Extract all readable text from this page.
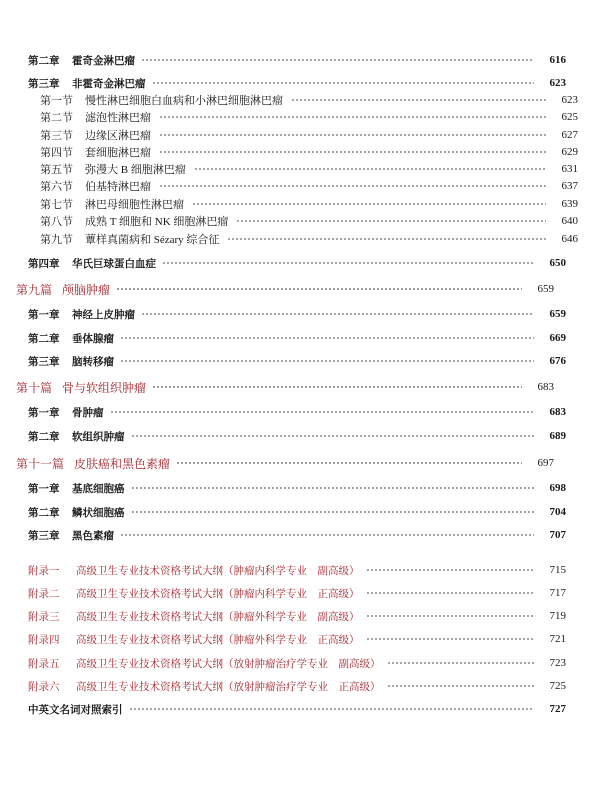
第二章	霍奇金淋巴瘤	616
第三章	非霍奇金淋巴瘤	623
第一节	慢性淋巴细胞白血病和小淋巴细胞淋巴瘤	623
第二节	滤泡性淋巴瘤	625
第三节	边缘区淋巴瘤	627
第四节	套细胞淋巴瘤	629
第五节	弥漫大 B 细胞淋巴瘤	631
第六节	伯基特淋巴瘤	637
第七节	淋巴母细胞性淋巴瘤	639
第八节	成熟 T 细胞和 NK 细胞淋巴瘤	640
第九节	蕈样真菌病和 Sézary 综合征	646
第四章	华氏巨球蛋白血症	650
第九篇 颅脑肿瘤	659
第一章	神经上皮肿瘤	659
第二章	垂体腺瘤	669
第三章	脑转移瘤	676
第十篇 骨与软组织肿瘤	683
第一章	骨肿瘤	683
第二章	软组织肿瘤	689
第十一篇 皮肤癌和黑色素瘤	697
第一章	基底细胞癌	698
第二章	鳞状细胞癌	704
第三章	黑色素瘤	707
附录一	高级卫生专业技术资格考试大纲（肿瘤内科学专业　副高级）	715
附录二	高级卫生专业技术资格考试大纲（肿瘤内科学专业　正高级）	717
附录三	高级卫生专业技术资格考试大纲（肿瘤外科学专业　副高级）	719
附录四	高级卫生专业技术资格考试大纲（肿瘤外科学专业　正高级）	721
附录五	高级卫生专业技术资格考试大纲（放射肿瘤治疗学专业　副高级）	723
附录六	高级卫生专业技术资格考试大纲（放射肿瘤治疗学专业　正高级）	725
中英文名词对照索引	727
